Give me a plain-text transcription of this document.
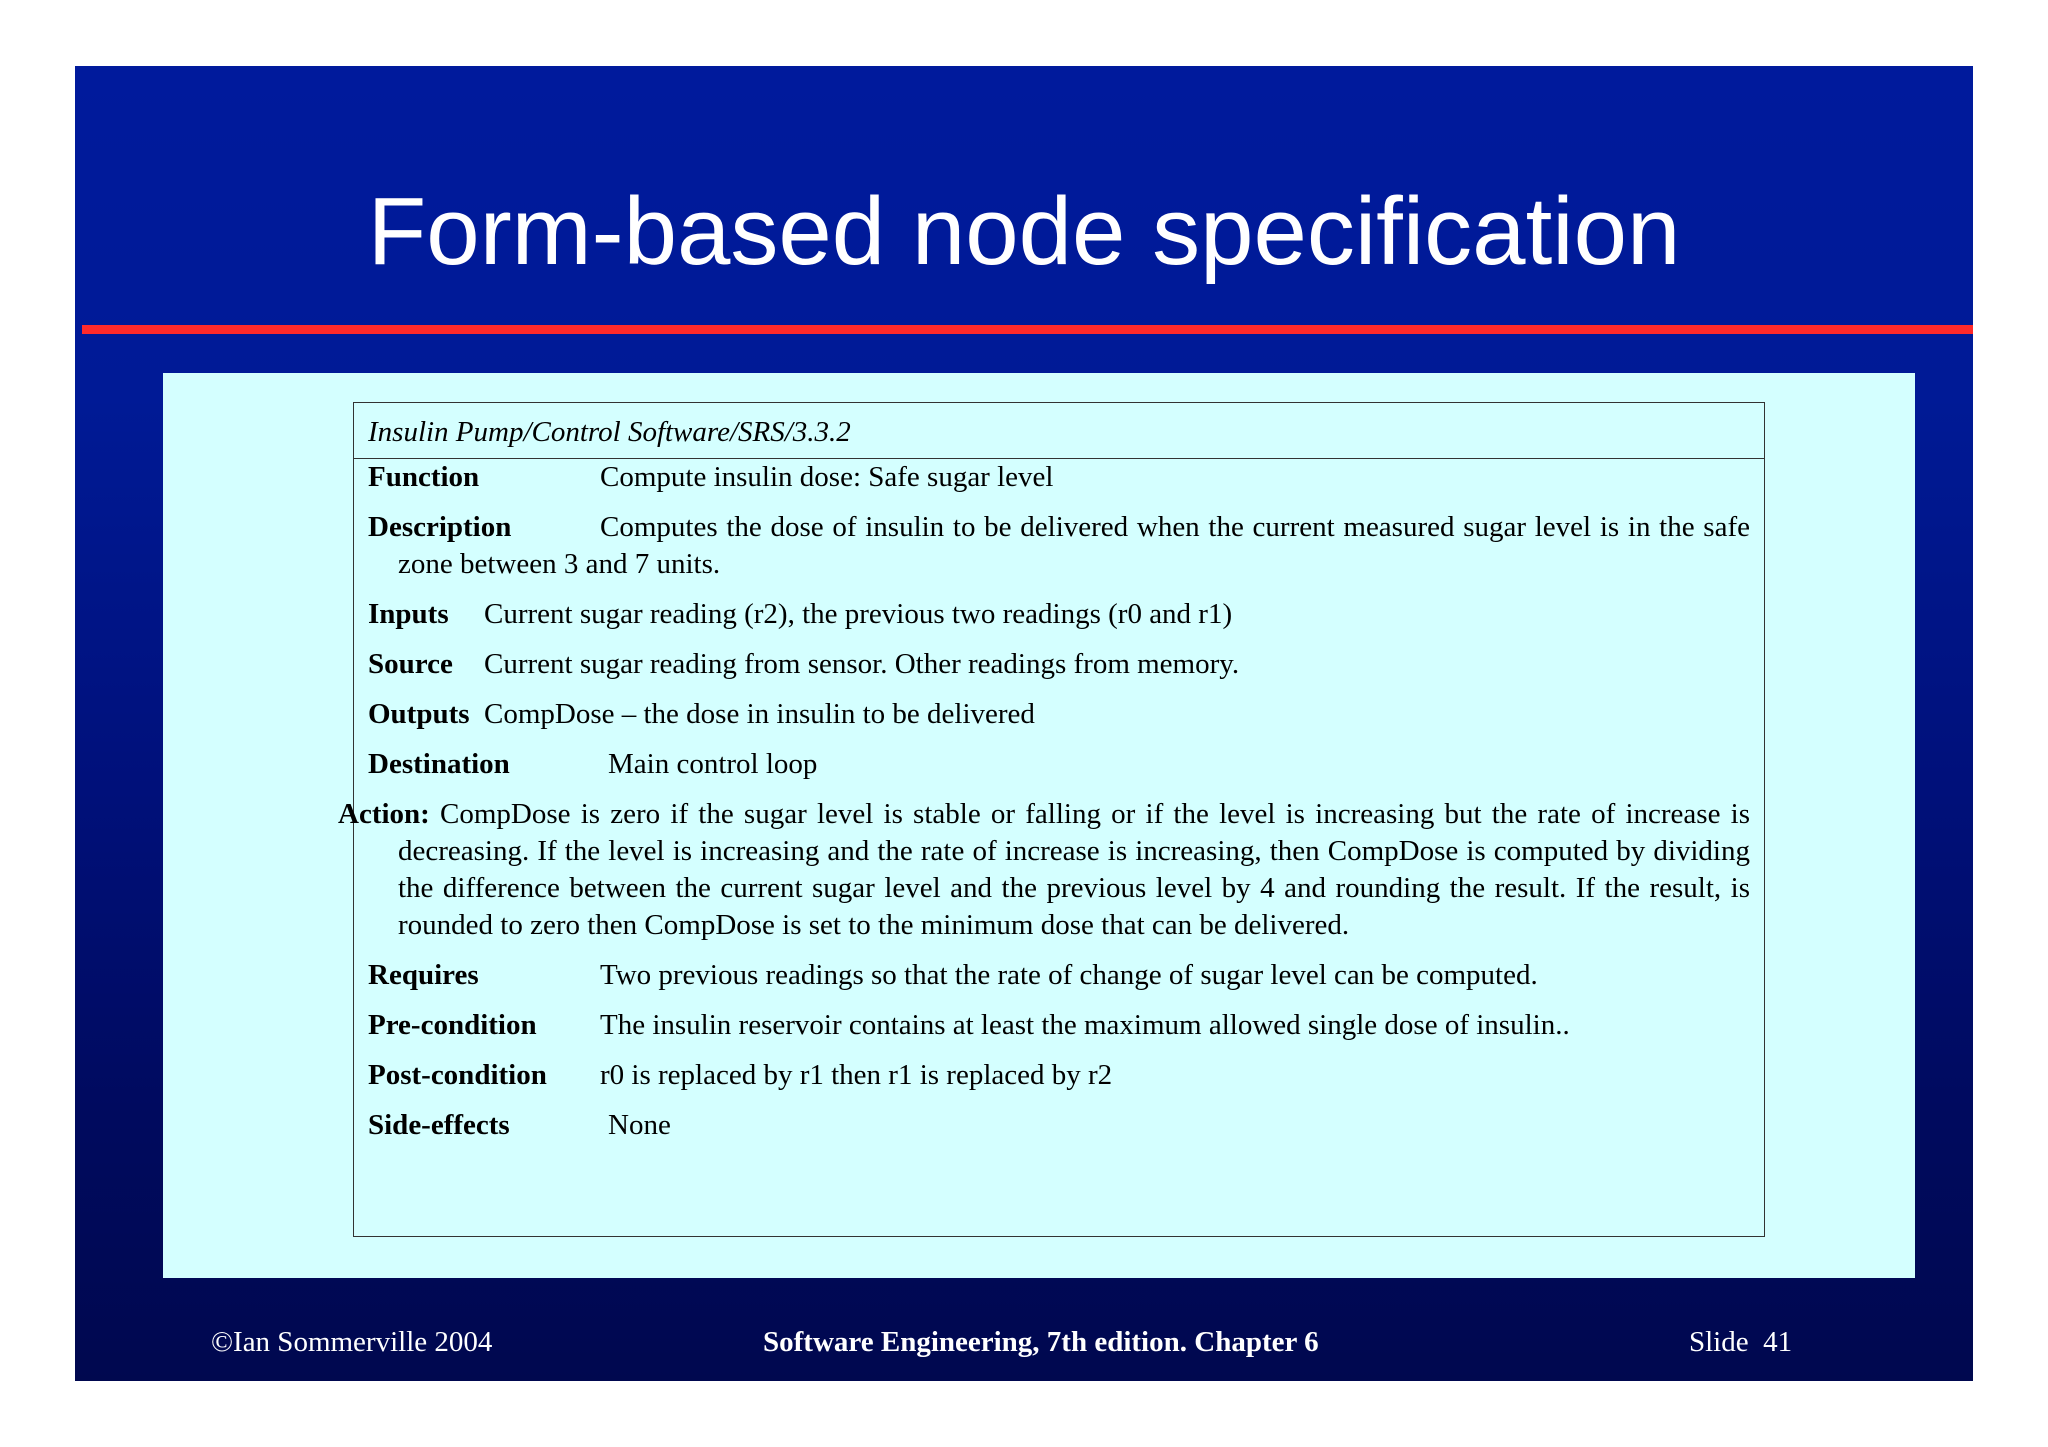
Form-based node specification
Insulin Pump/Control Software/SRS/3.3.2
Function	Compute insulin dose: Safe sugar level
Description	Computes the dose of insulin to be delivered when the current measured sugar level is in the safe zone between 3 and 7 units.
Inputs Current sugar reading (r2), the previous two readings (r0 and r1)
Source Current sugar reading from sensor. Other readings from memory.
Outputs CompDose – the dose in insulin to be delivered
Destination	Main control loop
Action: CompDose is zero if the sugar level is stable or falling or if the level is increasing but the rate of increase is decreasing. If the level is increasing and the rate of increase is increasing, then CompDose is computed by dividing the difference between the current sugar level and the previous level by 4 and rounding the result. If the result, is rounded to zero then CompDose is set to the minimum dose that can be delivered.
Requires	Two previous readings so that the rate of change of sugar level can be computed.
Pre-condition The insulin reservoir contains at least the maximum allowed single dose of insulin..
Post-condition r0 is replaced by r1 then r1 is replaced by r2
Side-effects	None
©Ian Sommerville 2004	Software Engineering, 7th edition. Chapter 6	Slide  41
